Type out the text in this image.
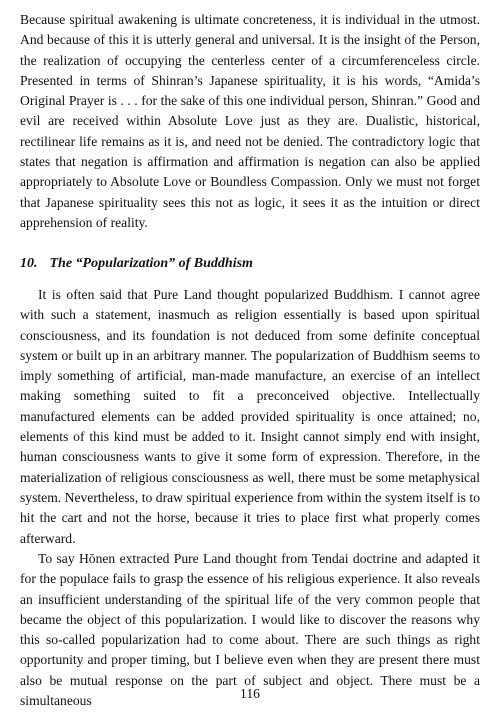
Because spiritual awakening is ultimate concreteness, it is individual in the utmost. And because of this it is utterly general and universal. It is the insight of the Person, the realization of occupying the centerless center of a circumferenceless circle. Presented in terms of Shinran’s Japanese spirituality, it is his words, “Amida’s Original Prayer is . . . for the sake of this one individual person, Shinran.” Good and evil are received within Absolute Love just as they are. Dualistic, historical, rectilinear life remains as it is, and need not be denied. The contradictory logic that states that negation is affirmation and affirmation is negation can also be applied appropriately to Absolute Love or Boundless Compassion. Only we must not forget that Japanese spirituality sees this not as logic, it sees it as the intuition or direct apprehension of reality.

10. The “Popularization” of Buddhism

It is often said that Pure Land thought popularized Buddhism. I cannot agree with such a statement, inasmuch as religion essentially is based upon spiritual consciousness, and its foundation is not deduced from some definite conceptual system or built up in an arbitrary manner. The popularization of Buddhism seems to imply something of artificial, man-made manufacture, an exercise of an intellect making something suited to fit a preconceived objective. Intellectually manufactured elements can be added provided spirituality is once attained; no, elements of this kind must be added to it. Insight cannot simply end with insight, human consciousness wants to give it some form of expression. Therefore, in the materialization of religious consciousness as well, there must be some metaphysical system. Nevertheless, to draw spiritual experience from within the system itself is to hit the cart and not the horse, because it tries to place first what properly comes afterward.

To say Hōnen extracted Pure Land thought from Tendai doctrine and adapted it for the populace fails to grasp the essence of his religious experience. It also reveals an insufficient understanding of the spiritual life of the very common people that became the object of this popularization. I would like to discover the reasons why this so-called popularization had to come about. There are such things as right opportunity and proper timing, but I believe even when they are present there must also be mutual response on the part of subject and object. There must be a simultaneous	116
